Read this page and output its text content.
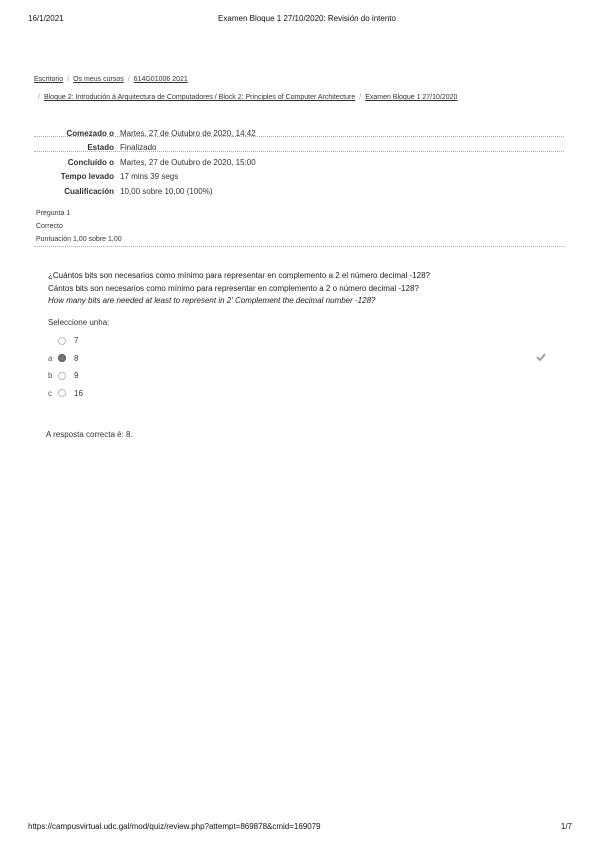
16/1/2021	Examen Bloque 1 27/10/2020: Revisión do intento
Escritorio / Os meus cursos / 614G01006 2021
/ Bloque 2: Introdución á Arquitectura de Computadores / Block 2: Principles of Computer Architecture / Examen Bloque 1 27/10/2020
Comezado o Martes, 27 de Outubro de 2020, 14:42
Estado Finalizado
Concluído o Martes, 27 de Outubro de 2020, 15:00
Tempo levado 17 mins 39 segs
Cualificación 10,00 sobre 10,00 (100%)
Pregunta 1
Correcto
Puntuación 1,00 sobre 1,00
¿Cuántos bits son necesarios como mínimo para representar en complemento a 2 el número decimal -128?
Cántos bits son necesarios como mínimo para representar en complemento a 2 o número decimal -128?
How many bits are needed at least to represent in 2' Complement the decimal number -128?
Seleccione unha:
7
a	8
b	9
c	16
A resposta correcta é: 8.
https://campusvirtual.udc.gal/mod/quiz/review.php?attempt=869878&cmid=169079	1/7
